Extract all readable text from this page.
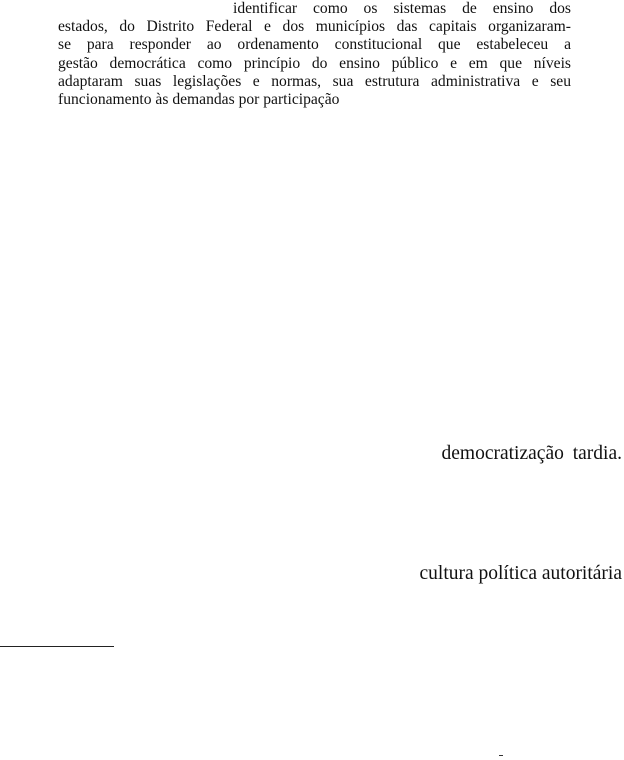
identificar como os sistemas de ensino dos
estados, do Distrito Federal e dos municípios das capitais organizaram-
se para responder ao ordenamento constitucional que estabeleceu a
gestão democrática como princípio do ensino público e em que níveis
adaptaram suas legislações e normas, sua estrutura administrativa e seu
funcionamento às demandas por participação

democratização tardia.

cultura política autoritária
